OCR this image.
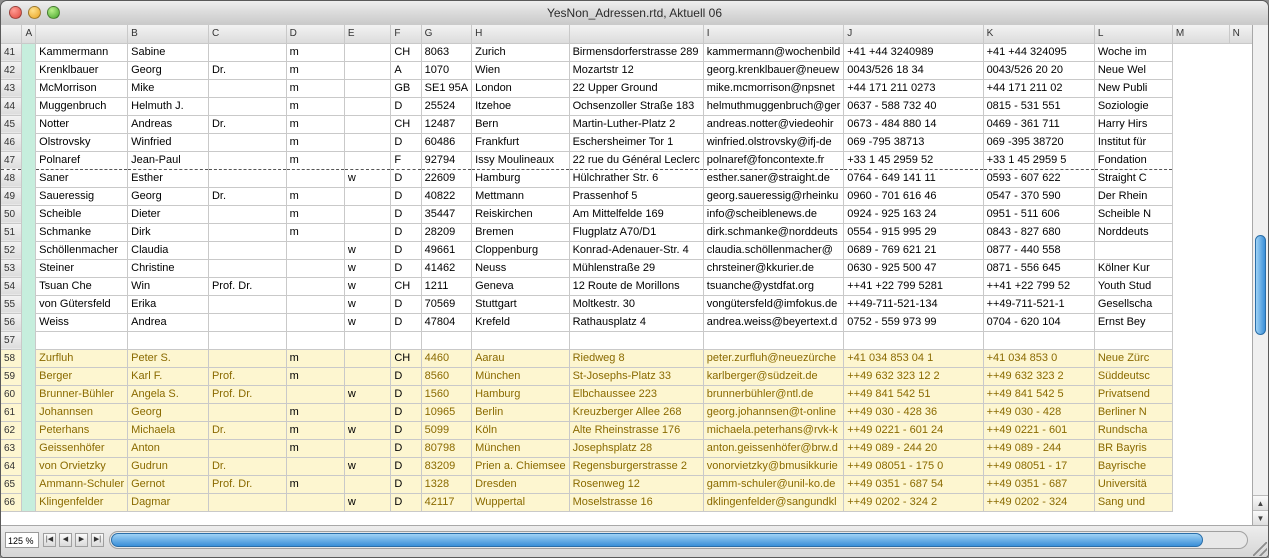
YesNon_Adressen.rtd, Aktuell 06
	A		B	C	D	E	F	G	H		I	J	K	L	M	N
41		Kammermann	Sabine		m		CH	8063	Zurich	Birmensdorferstrasse 289	kammermann@wochenbild	+41 +44 3240989	+41 +44 324095	Woche im		
42		Krenklbauer	Georg	Dr.	m		A	1070	Wien	Mozartstr 12	georg.krenklbauer@neuew	0043/526 18 34	0043/526 20 20	Neue Wel		
43		McMorrison	Mike		m		GB	SE1 95A	London	22 Upper Ground	mike.mcmorrison@npsnet	+44 171 211 0273	+44 171 211 02	New Publi		
44		Muggenbruch	Helmuth J.		m		D	25524	Itzehoe	Ochsenzoller Straße 183	helmuthmuggenbruch@ger	0637 - 588 732 40	0815 - 531 551	Soziologie		
45		Notter	Andreas	Dr.	m		CH	12487	Bern	Martin-Luther-Platz 2	andreas.notter@viedeohir	0673 - 484 880 14	0469 - 361 711	Harry Hirs		
46		Olstrovsky	Winfried		m		D	60486	Frankfurt	Eschersheimer Tor 1	winfried.olstrovsky@ifj-de	069 -795 38713	069 -395 38720	Institut für		
47		Polnaref	Jean-Paul		m		F	92794	Issy Moulineaux	22 rue du Général Leclerc	polnaref@foncontexte.fr	+33 1 45 2959 52	+33 1 45 2959 5	Fondation		
48		Saner	Esther			w	D	22609	Hamburg	Hülchrather Str. 6	esther.saner@straight.de	0764 - 649 141 11	0593 - 607 622	Straight C		
49		Saueressig	Georg	Dr.	m		D	40822	Mettmann	Prassenhof 5	georg.saueressig@rheinku	0960 - 701 616 46	0547 - 370 590	Der Rhein		
50		Scheible	Dieter		m		D	35447	Reiskirchen	Am Mittelfelde 169	info@scheiblenews.de	0924 - 925 163 24	0951 - 511 606	Scheible N		
51		Schmanke	Dirk		m		D	28209	Bremen	Flugplatz A70/D1	dirk.schmanke@norddeuts	0554 - 915 995 29	0843 - 827 680	Norddeuts		
52		Schöllenmacher	Claudia			w	D	49661	Cloppenburg	Konrad-Adenauer-Str. 4	claudia.schöllenmacher@	0689 - 769 621 21	0877 - 440 558			
53		Steiner	Christine			w	D	41462	Neuss	Mühlenstraße 29	chrsteiner@kkurier.de	0630 - 925 500 47	0871 - 556 645	Kölner Kur		
54		Tsuan Che	Win	Prof. Dr.		w	CH	1211	Geneva	12 Route de Morillons	tsuanche@ystdfat.org	++41 +22 799 5281	++41 +22 799 52	Youth Stud		
55		von Gütersfeld	Erika			w	D	70569	Stuttgart	Moltkestr. 30	vongütersfeld@imfokus.de	++49-711-521-134	++49-711-521-1	Gesellscha		
56		Weiss	Andrea			w	D	47804	Krefeld	Rathausplatz 4	andrea.weiss@beyertext.d	0752 - 559 973 99	0704 - 620 104	Ernst Bey		
57																
58		Zurfluh	Peter S.		m		CH	4460	Aarau	Riedweg 8	peter.zurfluh@neuezürche	+41 034 853 04 1	+41 034 853 0	Neue Zürc		
59		Berger	Karl F.	Prof.	m		D	8560	München	St-Josephs-Platz 33	karlberger@südzeit.de	++49 632 323 12 2	++49 632 323 2	Süddeutsc		
60		Brunner-Bühler	Angela S.	Prof. Dr.		w	D	1560	Hamburg	Elbchaussee 223	brunnerbühler@ntl.de	++49 841 542 51	++49 841 542 5	Privatsend		
61		Johannsen	Georg		m		D	10965	Berlin	Kreuzberger Allee 268	georg.johannsen@t-online	++49 030 - 428 36	++49 030 - 428	Berliner N		
62		Peterhans	Michaela	Dr.	m	w	D	5099	Köln	Alte Rheinstrasse 176	michaela.peterhans@rvk-k	++49 0221 - 601 24	++49 0221 - 601	Rundscha		
63		Geissenhöfer	Anton		m		D	80798	München	Josephsplatz 28	anton.geissenhöfer@brw.d	++49 089 - 244 20	++49 089 - 244	BR Bayris		
64		von Orvietzky	Gudrun	Dr.		w	D	83209	Prien a. Chiemsee	Regensburgerstrasse 2	vonorvietzky@bmusikkurie	++49 08051 - 175 0	++49 08051 - 17	Bayrische		
65		Ammann-Schuler	Gernot	Prof. Dr.	m		D	1328	Dresden	Rosenweg 12	gamm-schuler@unil-ko.de	++49 0351 - 687 54	++49 0351 - 687	Universitä		
66		Klingenfelder	Dagmar			w	D	42117	Wuppertal	Moselstrasse 16	dklingenfelder@sangundkl	++49 0202 - 324 2	++49 0202 - 324	Sang und			▲
▼
125 %	|◀	◀	▶	▶|
